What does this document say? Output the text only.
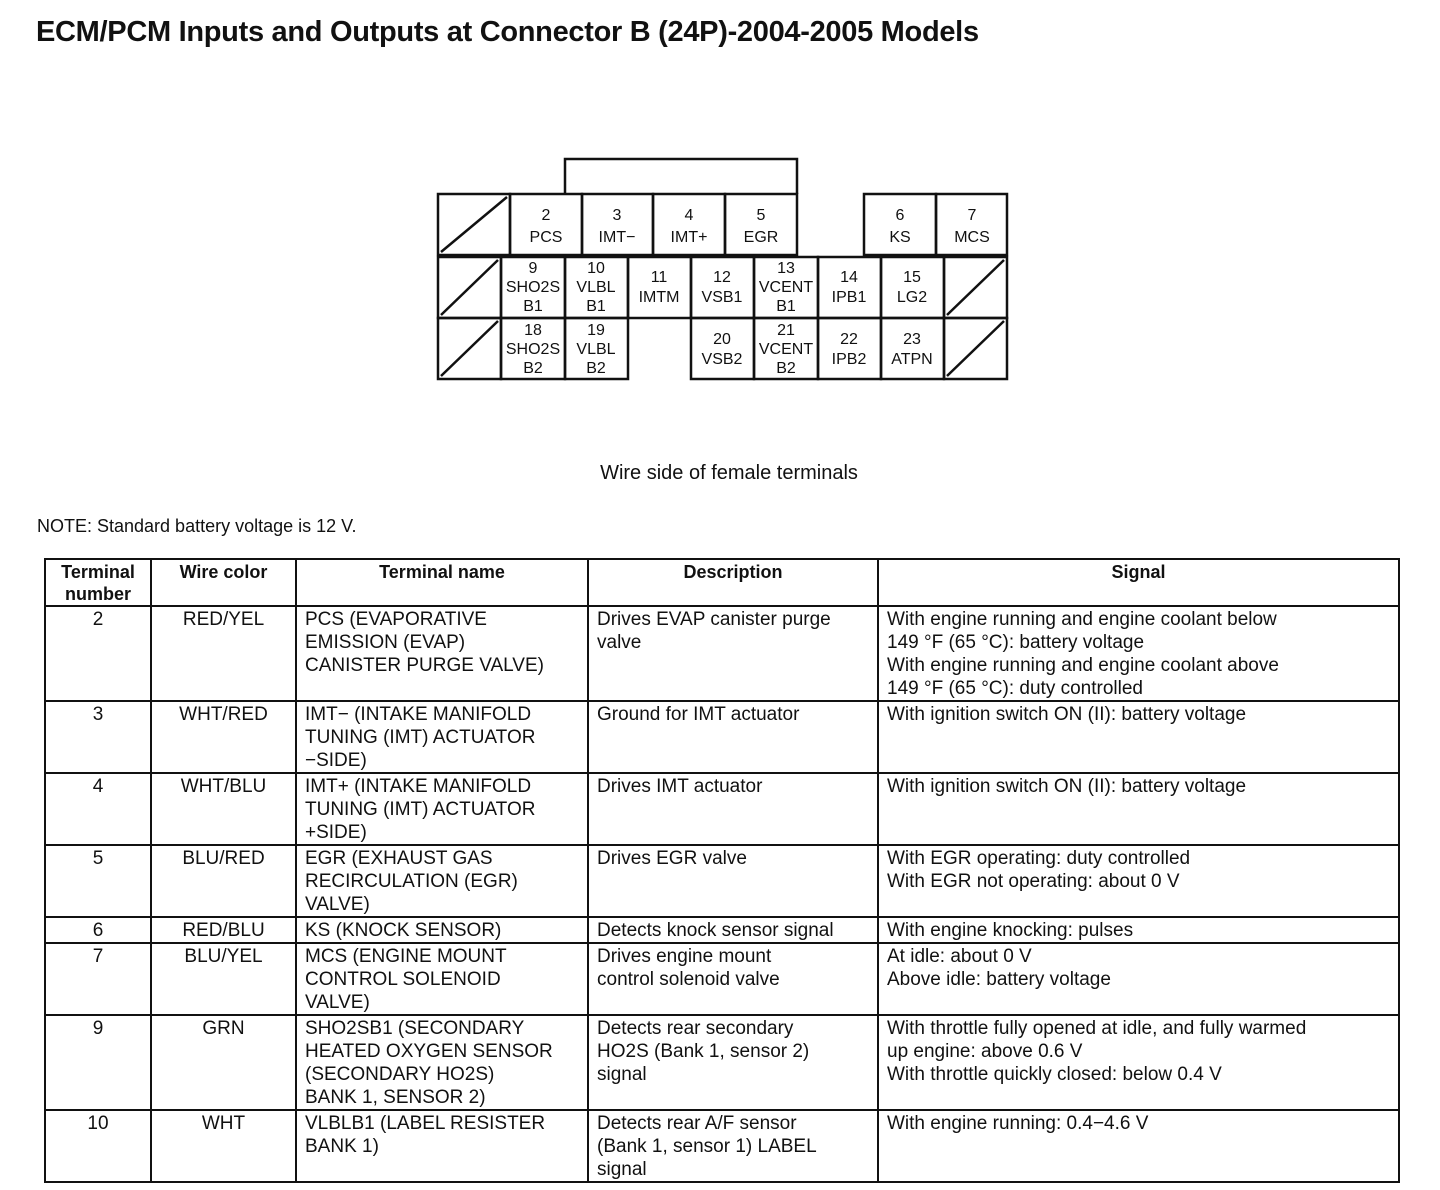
ECM/PCM Inputs and Outputs at Connector B (24P)-2004-2005 Models
2
PCS
3
IMT−
4
IMT+
5
EGR
6
KS
7
MCS
9
SHO2S
B1
10
VLBL
B1
11
IMTM
12
VSB1
13
VCENT
B1
14
IPB1
15
LG2
18
SHO2S
B2
19
VLBL
B2
20
VSB2
21
VCENT
B2
22
IPB2
23
ATPN
Wire side of female terminals
NOTE: Standard battery voltage is 12 V.
Terminal
number	Wire color	Terminal name	Description	Signal
2	RED/YEL	PCS (EVAPORATIVE
EMISSION (EVAP)
CANISTER PURGE VALVE)	Drives EVAP canister purge
valve	With engine running and engine coolant below
149 °F (65 °C): battery voltage
With engine running and engine coolant above
149 °F (65 °C): duty controlled

3	WHT/RED	IMT− (INTAKE MANIFOLD
TUNING (IMT) ACTUATOR
−SIDE)	Ground for IMT actuator	With ignition switch ON (II): battery voltage

4	WHT/BLU	IMT+ (INTAKE MANIFOLD
TUNING (IMT) ACTUATOR
+SIDE)	Drives IMT actuator	With ignition switch ON (II): battery voltage

5	BLU/RED	EGR (EXHAUST GAS
RECIRCULATION (EGR)
VALVE)	Drives EGR valve	With EGR operating: duty controlled
With EGR not operating: about 0 V

6	RED/BLU	KS (KNOCK SENSOR)	Detects knock sensor signal	With engine knocking: pulses

7	BLU/YEL	MCS (ENGINE MOUNT
CONTROL SOLENOID
VALVE)	Drives engine mount
control solenoid valve	At idle: about 0 V
Above idle: battery voltage

9	GRN	SHO2SB1 (SECONDARY
HEATED OXYGEN SENSOR
(SECONDARY HO2S)
BANK 1, SENSOR 2)	Detects rear secondary
HO2S (Bank 1, sensor 2)
signal	With throttle fully opened at idle, and fully warmed
up engine: above 0.6 V
With throttle quickly closed: below 0.4 V

10	WHT	VLBLB1 (LABEL RESISTER
BANK 1)	Detects rear A/F sensor
(Bank 1, sensor 1) LABEL
signal	With engine running: 0.4−4.6 V
